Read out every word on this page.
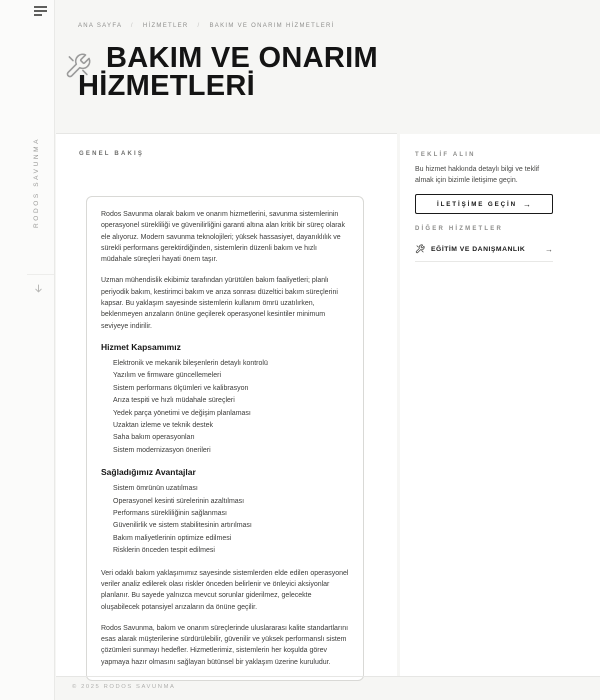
RODOS SAVUNMA
ANA SAYFA / HİZMETLER / BAKIM VE ONARIM HİZMETLERİ
BAKIM VE ONARIM HİZMETLERİ
GENEL BAKIŞ

Rodos Savunma olarak bakım ve onarım hizmetlerini, savunma sistemlerinin operasyonel sürekliliği ve güvenilirliğini garanti altına alan kritik bir süreç olarak ele alıyoruz. Modern savunma teknolojileri; yüksek hassasiyet, dayanıklılık ve sürekli performans gerektirdiğinden, sistemlerin düzenli bakım ve hızlı müdahale süreçleri hayati önem taşır.

Uzman mühendislik ekibimiz tarafından yürütülen bakım faaliyetleri; planlı periyodik bakım, kestirimci bakım ve arıza sonrası düzeltici bakım süreçlerini kapsar. Bu yaklaşım sayesinde sistemlerin kullanım ömrü uzatılırken, beklenmeyen arızaların önüne geçilerek operasyonel kesintiler minimum seviyeye indirilir.

Hizmet Kapsamımız
Elektronik ve mekanik bileşenlerin detaylı kontrolü
Yazılım ve firmware güncellemeleri
Sistem performans ölçümleri ve kalibrasyon
Arıza tespiti ve hızlı müdahale süreçleri
Yedek parça yönetimi ve değişim planlaması
Uzaktan izleme ve teknik destek
Saha bakım operasyonları
Sistem modernizasyon önerileri
Sağladığımız Avantajlar
Sistem ömrünün uzatılması
Operasyonel kesinti sürelerinin azaltılması
Performans sürekliliğinin sağlanması
Güvenilirlik ve sistem stabilitesinin artırılması
Bakım maliyetlerinin optimize edilmesi
Risklerin önceden tespit edilmesi

Veri odaklı bakım yaklaşımımız sayesinde sistemlerden elde edilen operasyonel veriler analiz edilerek olası riskler önceden belirlenir ve önleyici aksiyonlar planlanır. Bu sayede yalnızca mevcut sorunlar giderilmez, gelecekte oluşabilecek potansiyel arızaların da önüne geçilir.

Rodos Savunma, bakım ve onarım süreçlerinde uluslararası kalite standartlarını esas alarak müşterilerine sürdürülebilir, güvenilir ve yüksek performanslı sistem çözümleri sunmayı hedefler. Hizmetlerimiz, sistemlerin her koşulda görev yapmaya hazır olmasını sağlayan bütünsel bir yaklaşım üzerine kuruludur.

TEKLİF ALIN

Bu hizmet hakkında detaylı bilgi ve teklif almak için bizimle iletişime geçin.

İLETİŞİME GEÇİN →
DİĞER HİZMETLER
EĞİTİM VE DANIŞMANLIK	→
© 2025 RODOS SAVUNMA
